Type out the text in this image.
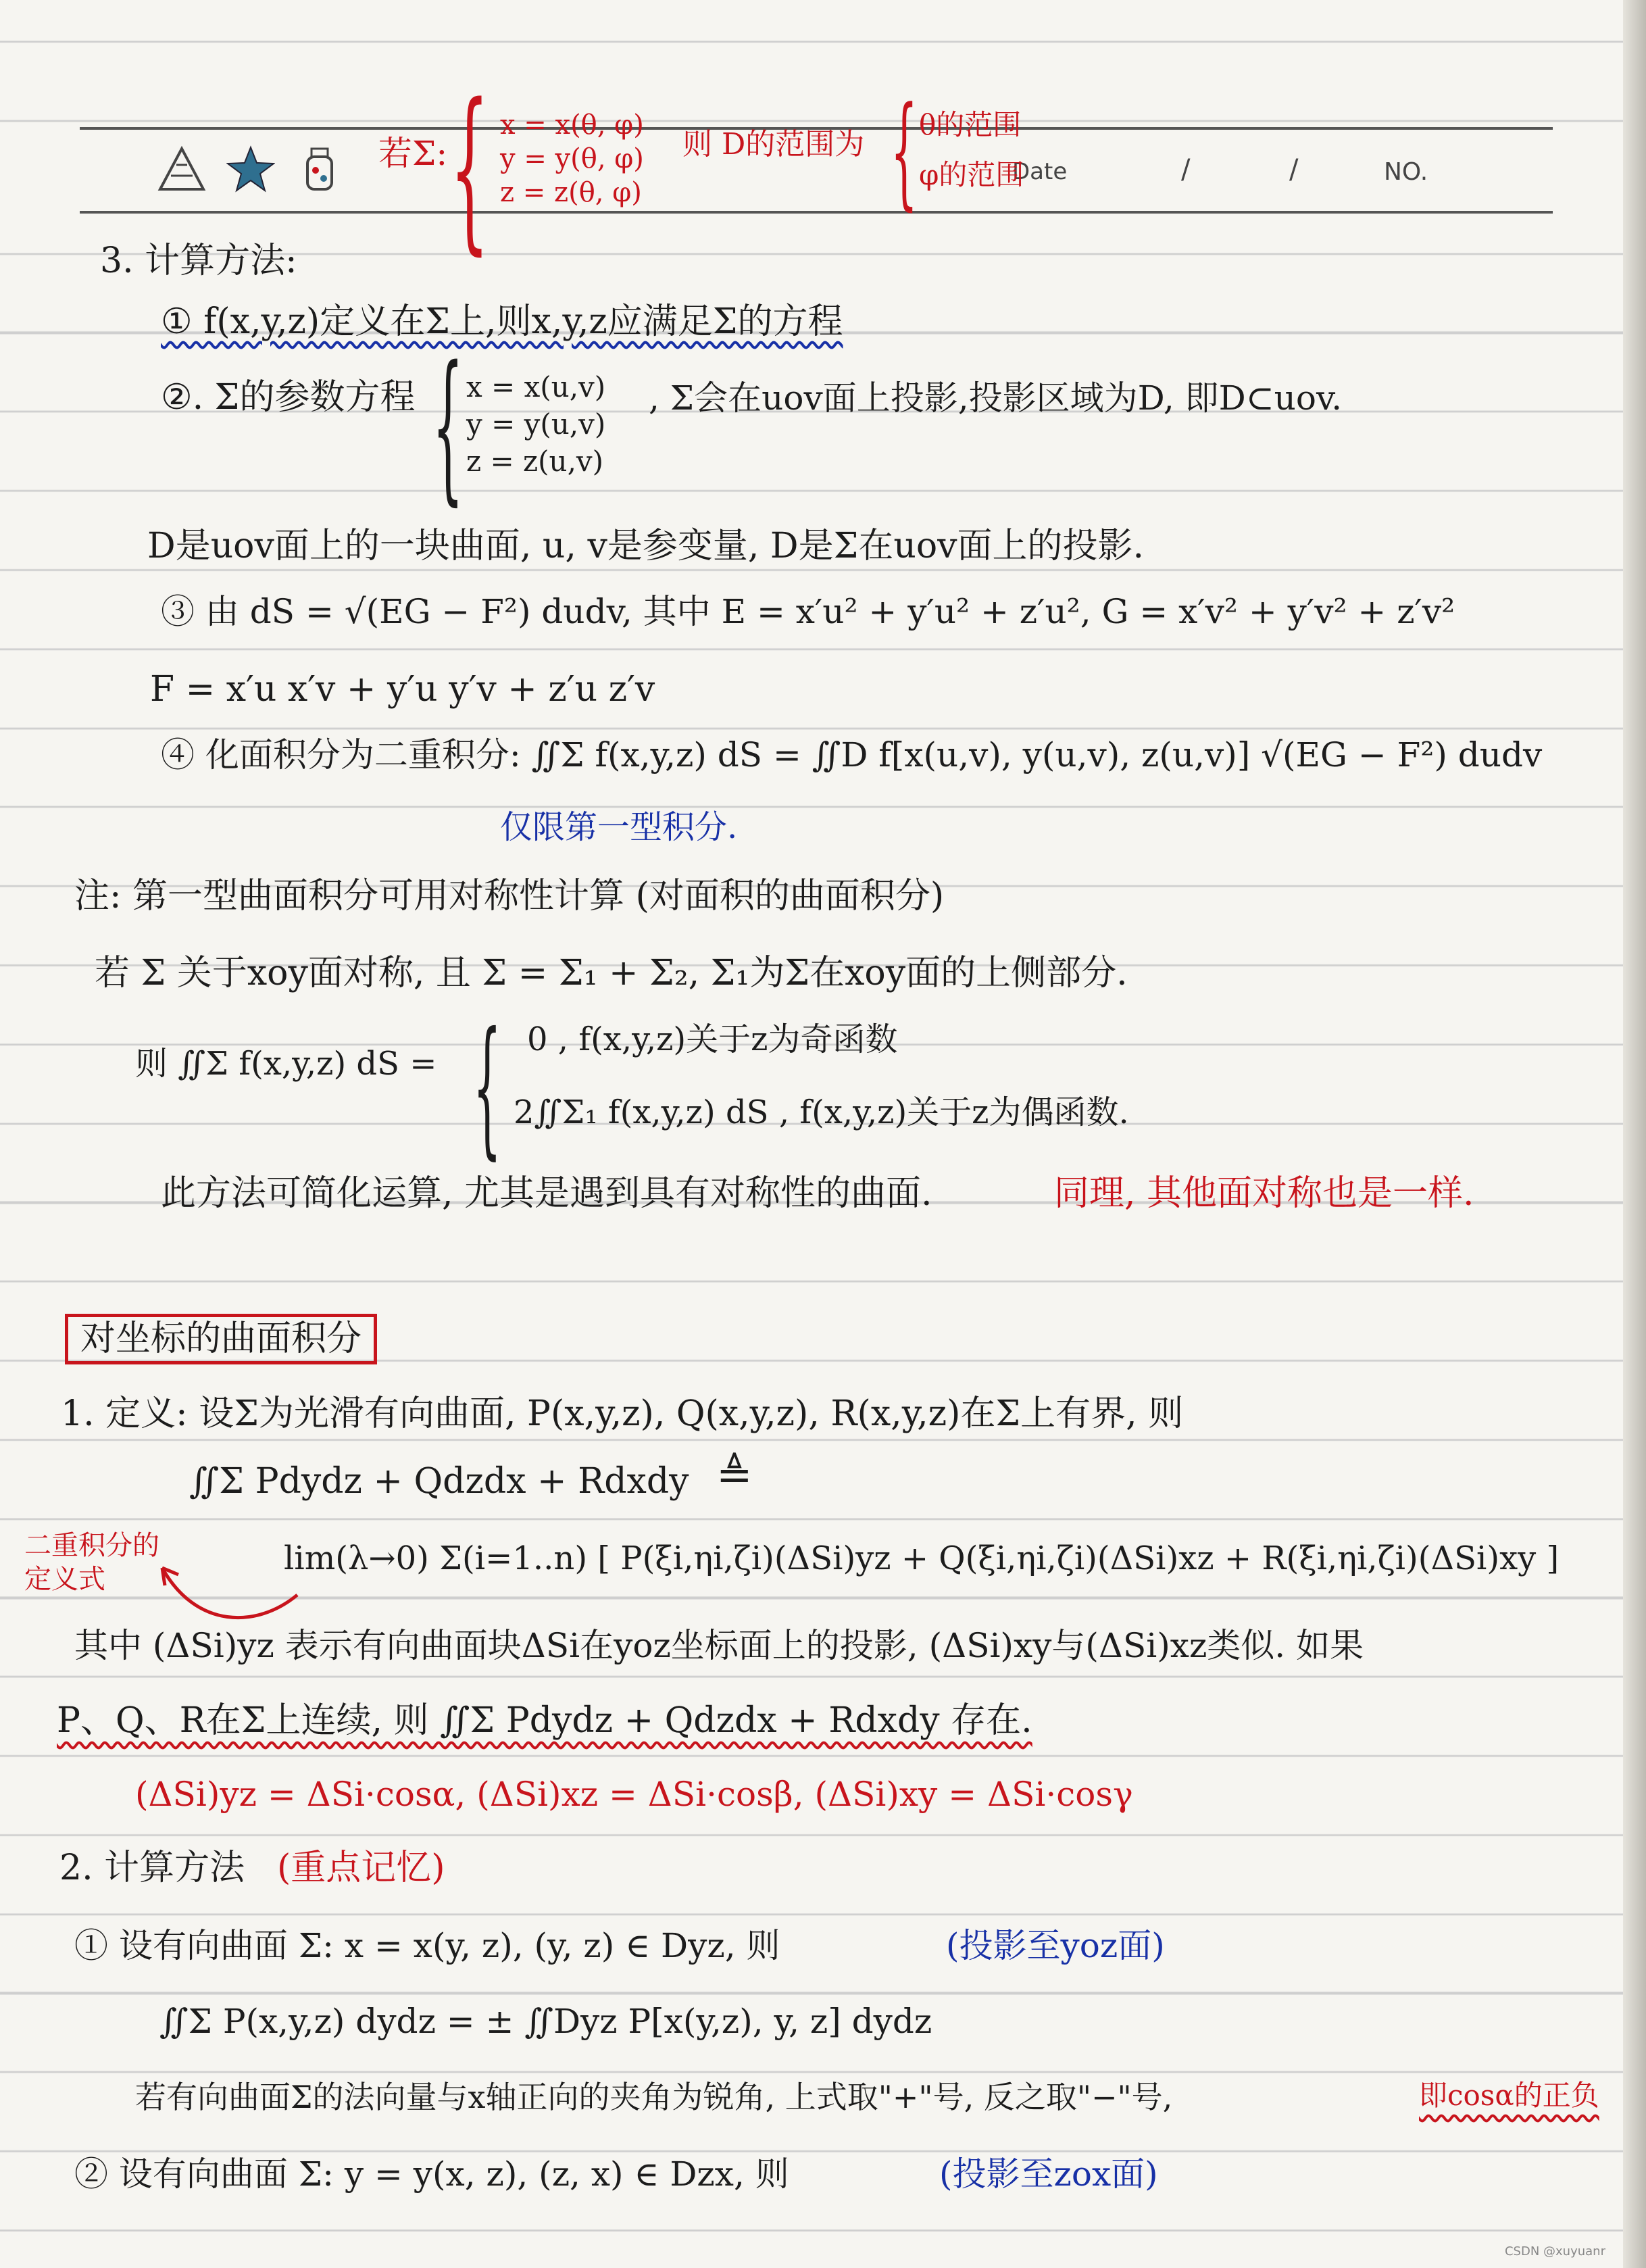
Date	/	/	NO.
若Σ: { x = x(θ, φ)
y = y(θ, φ)
z = z(θ, φ)
则 D的范围为 { θ的范围
φ的范围
3. 计算方法:
① f(x,y,z)定义在Σ上,则x,y,z应满足Σ的方程
②. Σ的参数方程 { x = x(u,v)
y = y(u,v)
z = z(u,v)
, Σ会在uov面上投影,投影区域为D, 即D⊂uov.
D是uov面上的一块曲面, u, v是参变量, D是Σ在uov面上的投影.
③ 由 dS = √(EG − F²) dudv, 其中 E = x′u² + y′u² + z′u², G = x′v² + y′v² + z′v²
F = x′u x′v + y′u y′v + z′u z′v
④ 化面积分为二重积分: ∬Σ f(x,y,z) dS = ∬D f[x(u,v), y(u,v), z(u,v)] √(EG − F²) dudv
仅限第一型积分.
注: 第一型曲面积分可用对称性计算 (对面积的曲面积分)
若 Σ 关于xoy面对称, 且 Σ = Σ₁ + Σ₂, Σ₁为Σ在xoy面的上侧部分.
则 ∬Σ f(x,y,z) dS = { 0 , f(x,y,z)关于z为奇函数
2∬Σ₁ f(x,y,z) dS , f(x,y,z)关于z为偶函数.
此方法可简化运算, 尤其是遇到具有对称性的曲面.	同理, 其他面对称也是一样.
对坐标的曲面积分
1. 定义: 设Σ为光滑有向曲面, P(x,y,z), Q(x,y,z), R(x,y,z)在Σ上有界, 则
∬Σ Pdydz + Qdzdx + Rdxdy ≜
二重积分的定义式
lim(λ→0) Σ(i=1..n) [ P(ξi,ηi,ζi)(ΔSi)yz + Q(ξi,ηi,ζi)(ΔSi)xz + R(ξi,ηi,ζi)(ΔSi)xy ]
其中 (ΔSi)yz 表示有向曲面块ΔSi在yoz坐标面上的投影, (ΔSi)xy与(ΔSi)xz类似. 如果
P、Q、R在Σ上连续, 则 ∬Σ Pdydz + Qdzdx + Rdxdy 存在.
(ΔSi)yz = ΔSi·cosα, (ΔSi)xz = ΔSi·cosβ, (ΔSi)xy = ΔSi·cosγ
2. 计算方法 (重点记忆)
① 设有向曲面 Σ: x = x(y, z), (y, z) ∈ Dyz, 则	(投影至yoz面)
∬Σ P(x,y,z) dydz = ± ∬Dyz P[x(y,z), y, z] dydz
若有向曲面Σ的法向量与x轴正向的夹角为锐角, 上式取"+"号, 反之取"−"号,	即cosα的正负
② 设有向曲面 Σ: y = y(x, z), (z, x) ∈ Dzx, 则	(投影至zox面)
CSDN @xuyuanr
